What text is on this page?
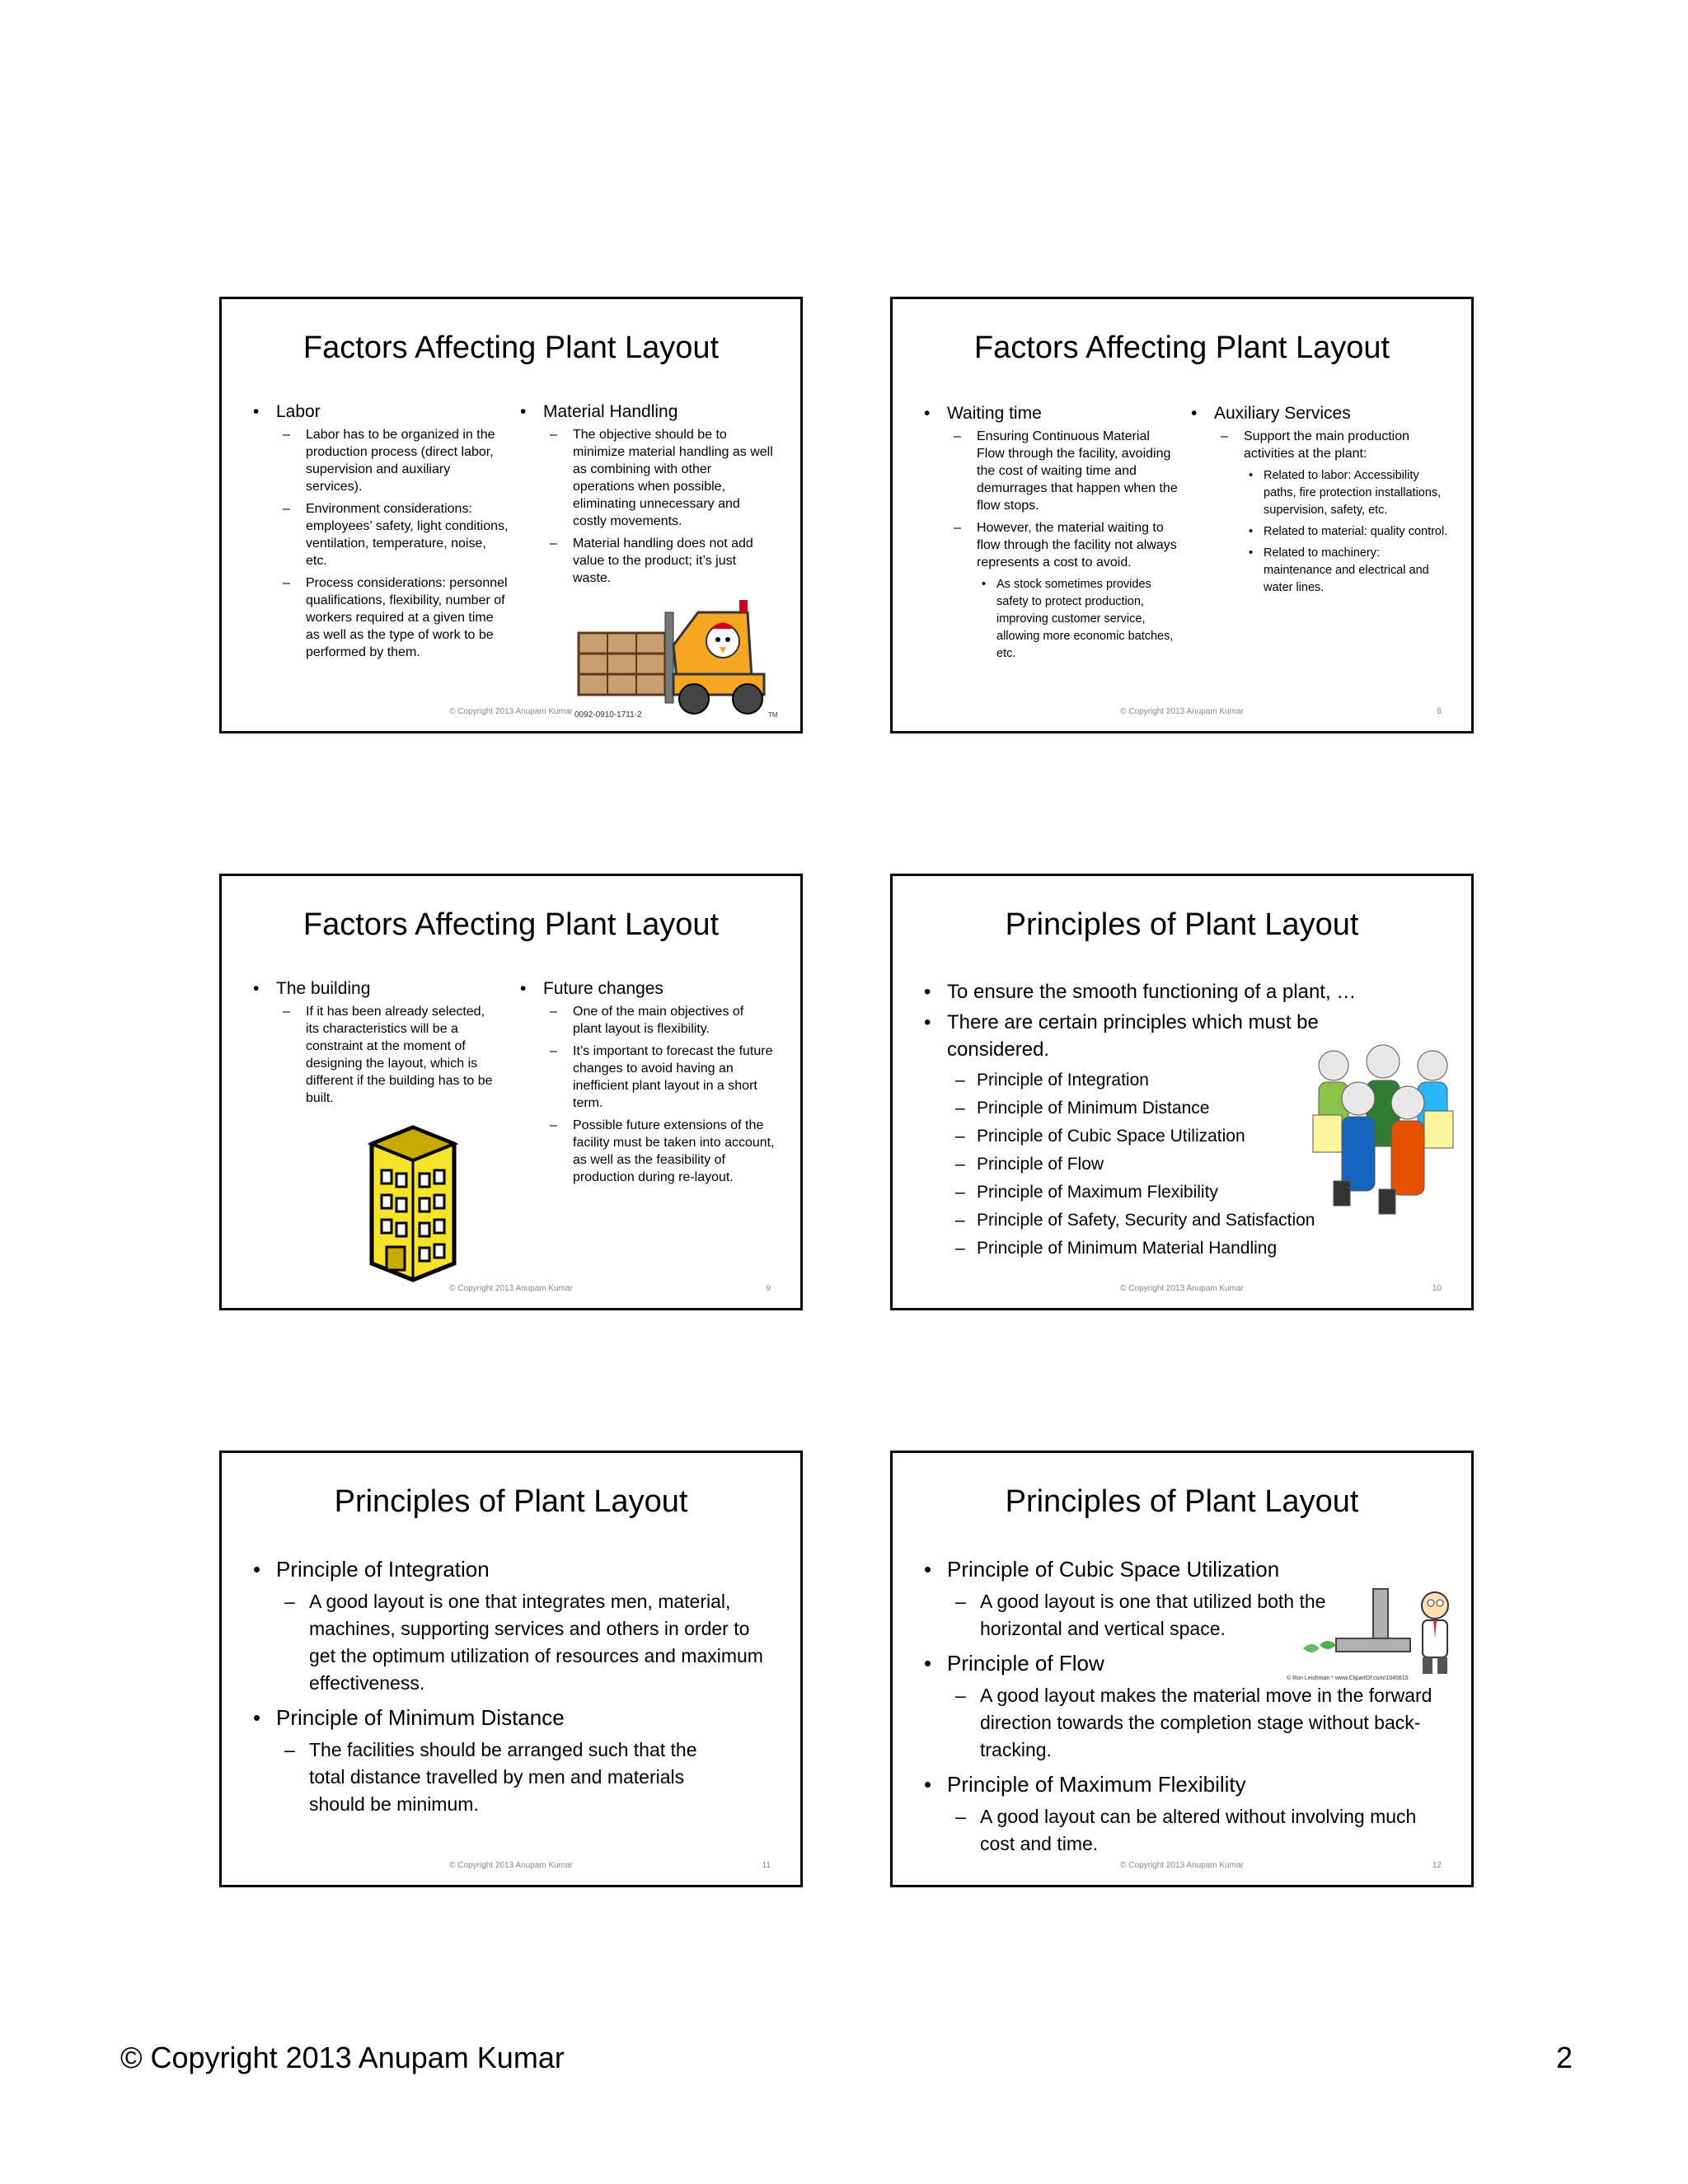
Factors Affecting Plant Layout
• Labor
– Labor has to be organized in the production process (direct labor, supervision and auxiliary services).
– Environment considerations: employees’ safety, light conditions, ventilation, temperature, noise, etc.
– Process considerations: personnel qualifications, flexibility, number of workers required at a given time as well as the type of work to be performed by them.
• Material Handling
– The objective should be to minimize material handling as well as combining with other operations when possible, eliminating unnecessary and costly movements.
– Material handling does not add value to the product; it’s just waste.
0092-0910-1711-2	TM
© Copyright 2013 Anupam Kumar
Factors Affecting Plant Layout
• Waiting time
– Ensuring Continuous Material Flow through the facility, avoiding the cost of waiting time and demurrages that happen when the flow stops.
– However, the material waiting to flow through the facility not always represents a cost to avoid.
• As stock sometimes provides safety to protect production, improving customer service, allowing more economic batches, etc.
• Auxiliary Services
– Support the main production activities at the plant:
• Related to labor: Accessibility paths, fire protection installations, supervision, safety, etc.
• Related to material: quality control.
• Related to machinery: maintenance and electrical and water lines.
© Copyright 2013 Anupam Kumar	8
Factors Affecting Plant Layout
• The building
– If it has been already selected, its characteristics will be a constraint at the moment of designing the layout, which is different if the building has to be built.
• Future changes
– One of the main objectives of plant layout is flexibility.
– It’s important to forecast the future changes to avoid having an inefficient plant layout in a short term.
– Possible future extensions of the facility must be taken into account, as well as the feasibility of production during re-layout.
© Copyright 2013 Anupam Kumar	9
Principles of Plant Layout
• To ensure the smooth functioning of a plant, …
• There are certain principles which must be considered.
– Principle of Integration
– Principle of Minimum Distance
– Principle of Cubic Space Utilization
– Principle of Flow
– Principle of Maximum Flexibility
– Principle of Safety, Security and Satisfaction
– Principle of Minimum Material Handling
© Copyright 2013 Anupam Kumar	10
Principles of Plant Layout
• Principle of Integration
– A good layout is one that integrates men, material, machines, supporting services and others in order to get the optimum utilization of resources and maximum effectiveness.
• Principle of Minimum Distance
– The facilities should be arranged such that the total distance travelled by men and materials should be minimum.
© Copyright 2013 Anupam Kumar	11
Principles of Plant Layout
• Principle of Cubic Space Utilization
– A good layout is one that utilized both the horizontal and vertical space.
• Principle of Flow
– A good layout makes the material move in the forward direction towards the completion stage without back-tracking.
• Principle of Maximum Flexibility
– A good layout can be altered without involving much cost and time.
© Ron Leishman * www.ClipartOf.com/1045615
© Copyright 2013 Anupam Kumar	12
© Copyright 2013 Anupam Kumar	2
